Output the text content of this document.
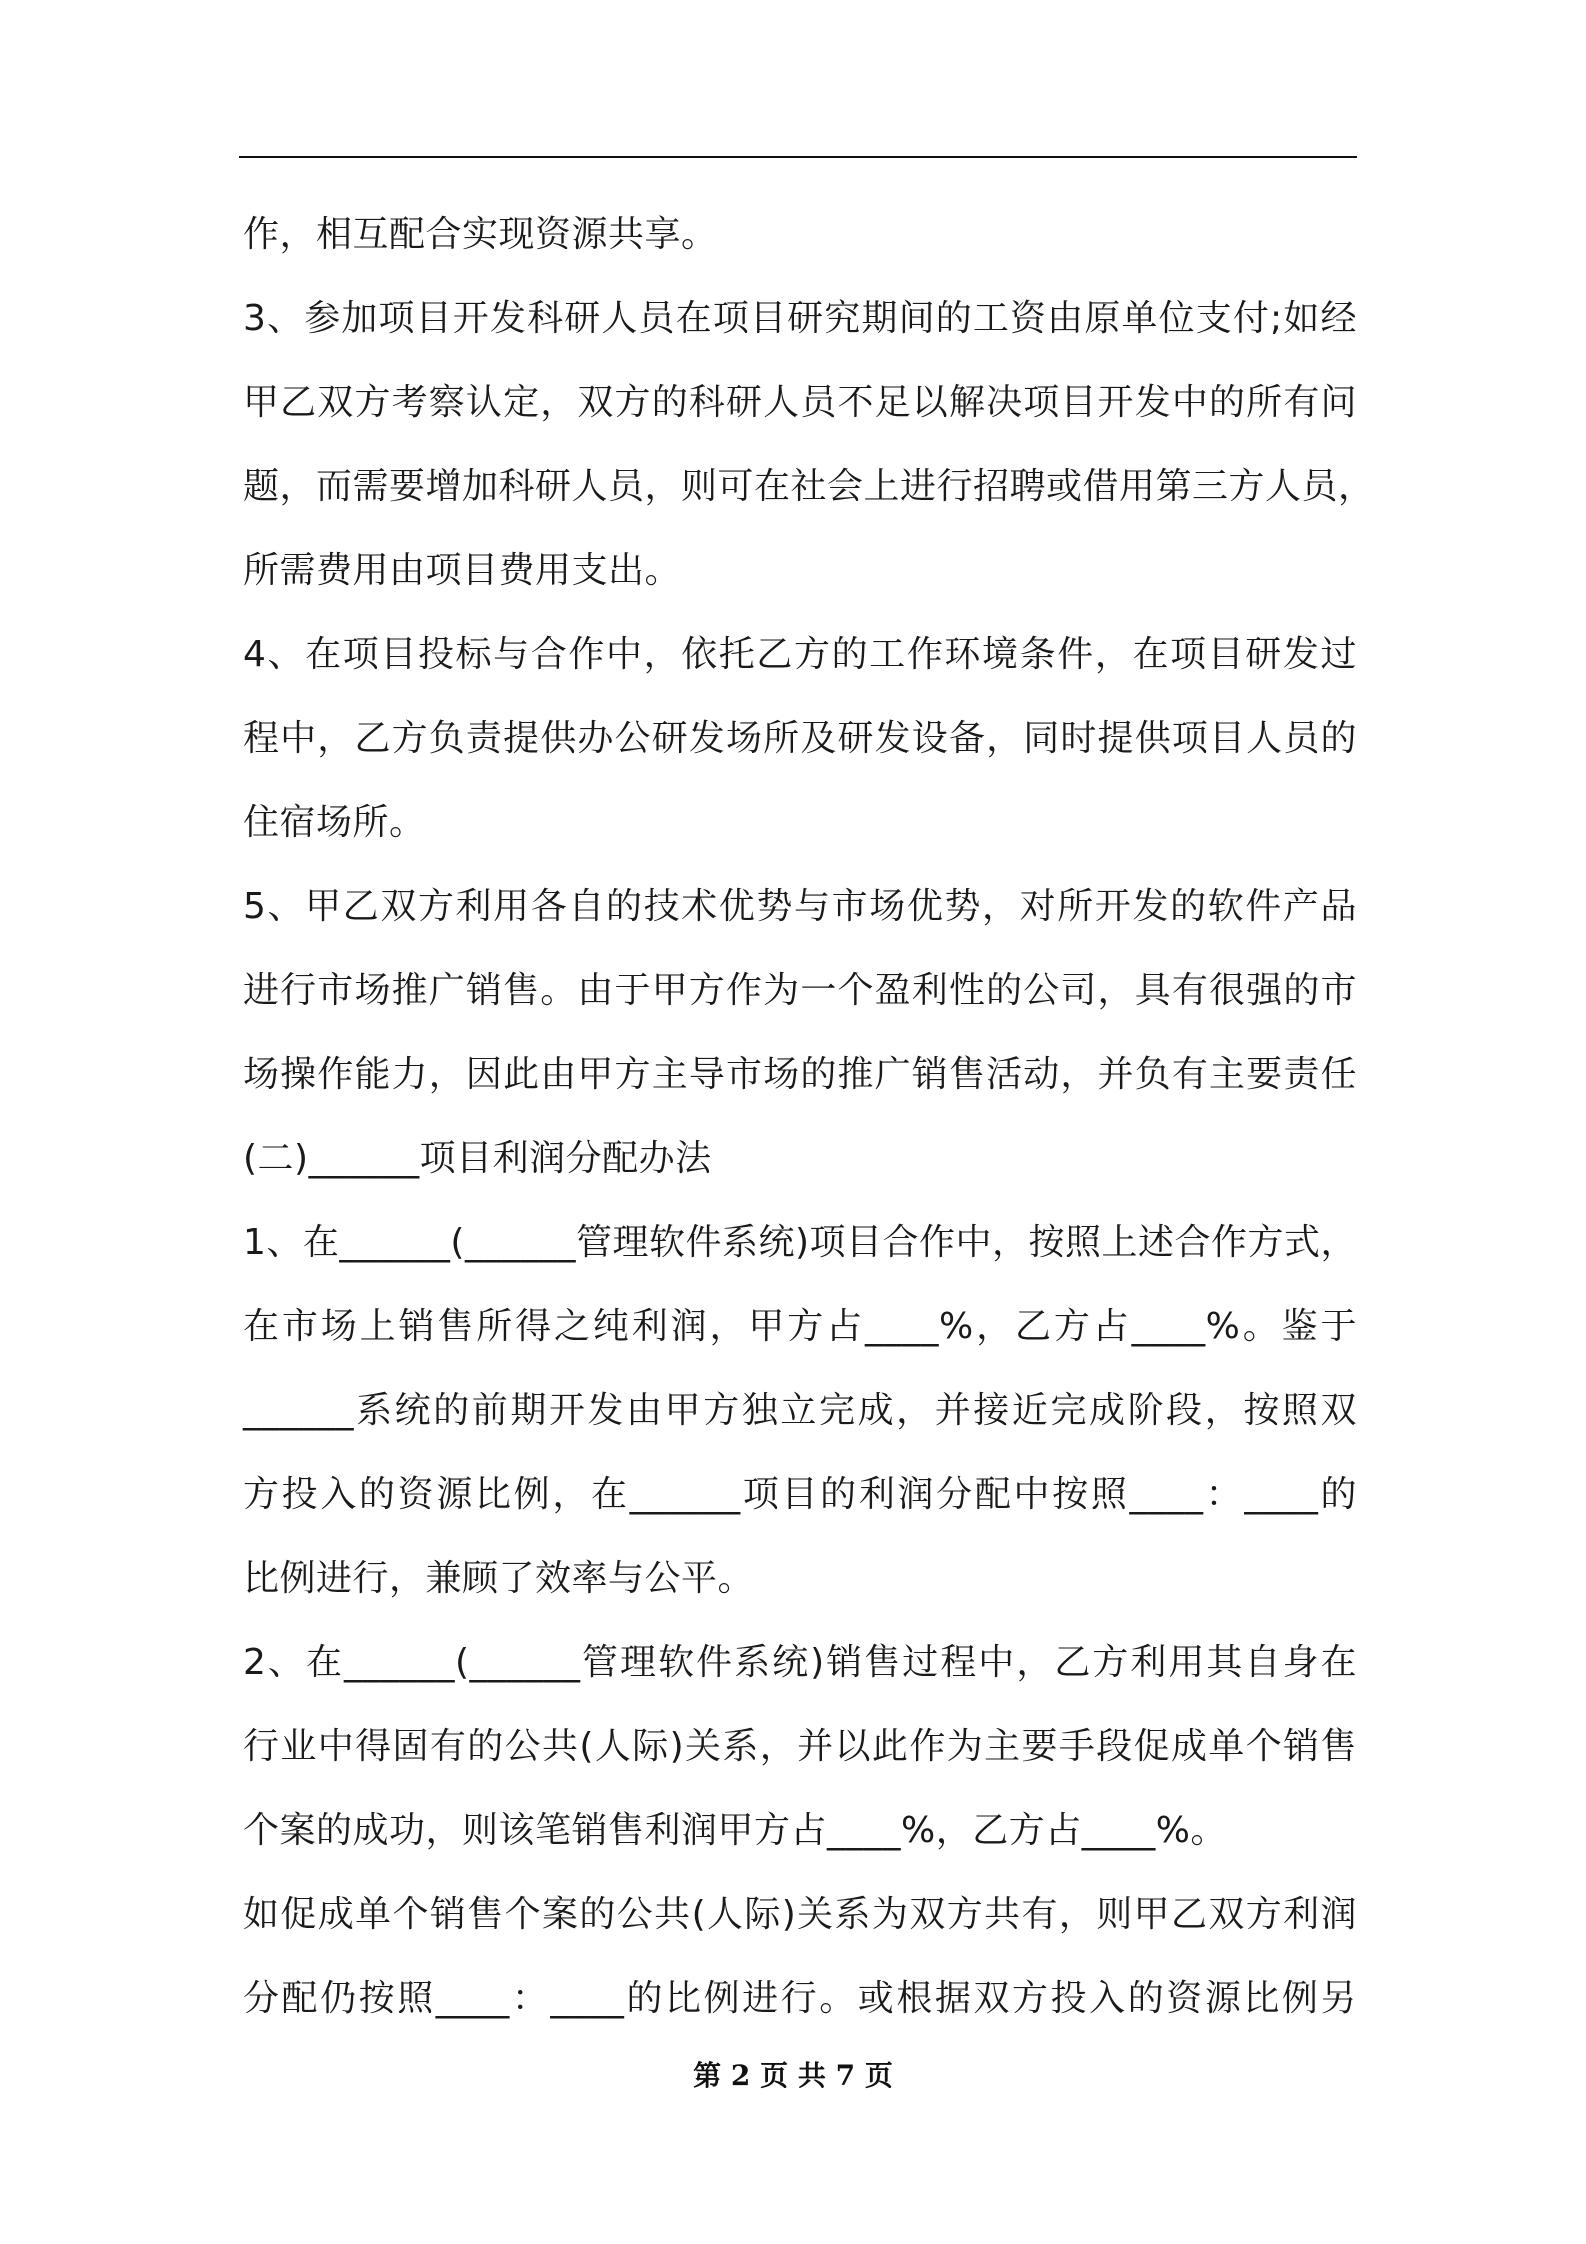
作，相互配合实现资源共享。
3、参加项目开发科研人员在项目研究期间的工资由原单位支付;如经
甲乙双方考察认定，双方的科研人员不足以解决项目开发中的所有问
题，而需要增加科研人员，则可在社会上进行招聘或借用第三方人员，
所需费用由项目费用支出。
4、在项目投标与合作中，依托乙方的工作环境条件，在项目研发过
程中，乙方负责提供办公研发场所及研发设备，同时提供项目人员的
住宿场所。
5、甲乙双方利用各自的技术优势与市场优势，对所开发的软件产品
进行市场推广销售。由于甲方作为一个盈利性的公司，具有很强的市
场操作能力，因此由甲方主导市场的推广销售活动，并负有主要责任
(二)______项目利润分配办法
1、在______(______管理软件系统)项目合作中，按照上述合作方式，
在市场上销售所得之纯利润，甲方占____%，乙方占____%。鉴于
______系统的前期开发由甲方独立完成，并接近完成阶段，按照双
方投入的资源比例，在______项目的利润分配中按照____：____的
比例进行，兼顾了效率与公平。
2、在______(______管理软件系统)销售过程中，乙方利用其自身在
行业中得固有的公共(人际)关系，并以此作为主要手段促成单个销售
个案的成功，则该笔销售利润甲方占____%，乙方占____%。
如促成单个销售个案的公共(人际)关系为双方共有，则甲乙双方利润
分配仍按照____：____的比例进行。或根据双方投入的资源比例另
第 2 页 共 7 页
